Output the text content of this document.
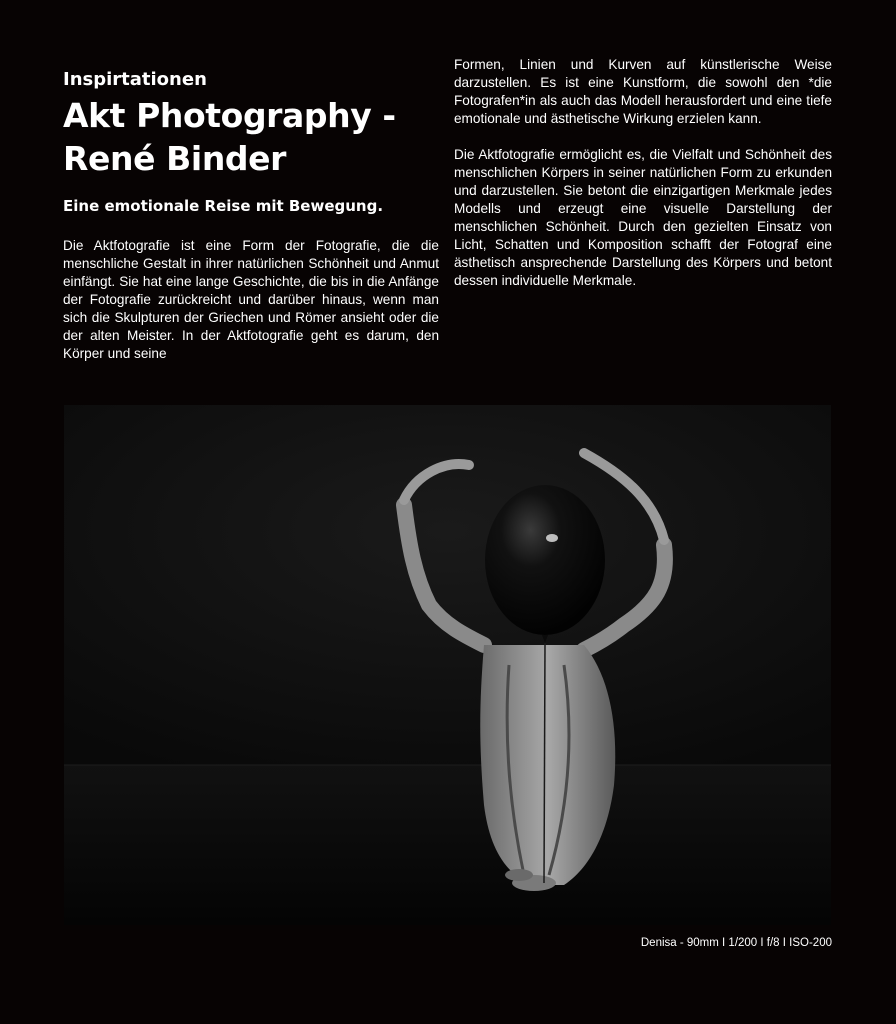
Inspirtationen

Akt Photography -
René Binder

Eine emotionale Reise mit Bewegung.

Die Aktfotografie ist eine Form der Fotografie, die die menschliche Gestalt in ihrer natürlichen Schönheit und Anmut einfängt. Sie hat eine lange Geschichte, die bis in die Anfänge der Fotografie zurückreicht und darüber hinaus, wenn man sich die Skulpturen der Griechen und Römer ansieht oder die der alten Meister. In der Aktfotografie geht es darum, den Körper und seine

Formen, Linien und Kurven auf künstlerische Weise darzustellen. Es ist eine Kunstform, die sowohl den *die Fotografen*in als auch das Modell herausfordert und eine tiefe emotionale und ästhetische Wirkung erzielen kann.

Die Aktfotografie ermöglicht es, die Vielfalt und Schönheit des menschlichen Körpers in seiner natürlichen Form zu erkunden und darzustellen. Sie betont die einzigartigen Merkmale jedes Modells und erzeugt eine visuelle Darstellung der menschlichen Schönheit. Durch den gezielten Einsatz von Licht, Schatten und Komposition schafft der Fotograf eine ästhetisch ansprechende Darstellung des Körpers und betont dessen individuelle Merkmale.

Denisa - 90mm I 1/200 I f/8 I ISO-200
